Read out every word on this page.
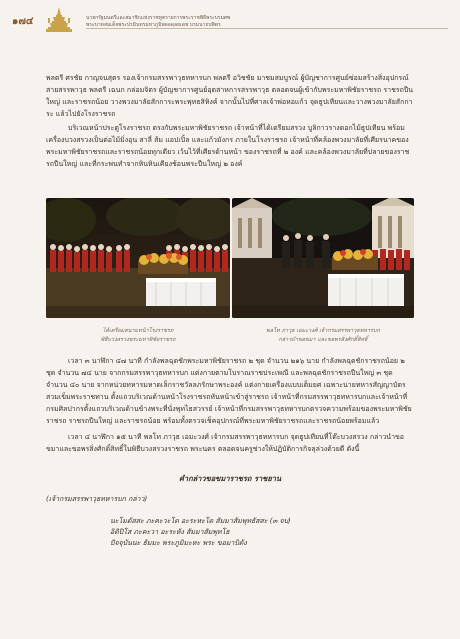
๑๗๔	นายกรัฐมนตรีและสมาชิกแห่งราชทูตรายการพระราชพิธีพระบรมศพ
พระบาทสมเด็จพระปรมินทรมหาภูมิพลอดุลยเดช บรมนาถบพิตร
พลตรี ศรชัย กาญจนสุตร รองเจ้ากรมสรรพาวุธทหารบก พลตรี อวิชชัย มาชมสมบูรณ์ ผู้บัญชาการศูนย์ซ่อมสร้างสิ่งอุปกรณ์สายสรรพาวุธ พลตรี เฉนก กล่อมจิตร ผู้บัญชาการศูนย์อุตสาหการสรรพาวุธ ตลอดจนผู้เข้ากับพระมหาพิชัยราชรถ ราชรถปืนใหญ่ และราชรถน้อย วางพวงมาลัยสักการะพระพุทธสิหิงค์ จากนั้นไปที่ศาลเจ้าพ่อหอแก้ว จุดธูปเทียนและวางพวงมาลัยสักการะ แล้วไปยังโรงราชรถ
บริเวณหน้าประตูโรงราชรถ ตรงกับพระมหาพิชัยราชรถ เจ้าหน้าที่ได้เตรียมสรวง บูลิกาวรางดอกไม้ธูปเทียน พร้อมเครื่องบวงสรวงเป็นต่อไม้มิ่งอุน สาลี่ ส้ม แอปเปิ้ล และแก้วมังกร ภายในโรงราชรถ เจ้าหน้าที่คล้องพวงมาลัยที่เศียรนาคของพระมหาพิชัยราชรถและราชรถน้อยทุกเดียว เว้นไว้ที่เศียรด้านหน้า ของราชรถที่ ๒ องค์ และคล้องพวงมาลัยที่ปลายของราชรถปืนใหญ่ และที่กระพนทำจากหินหินเคียงช้อนพระปืนใหญ่ ๒ องค์
ได้เตรียมสนามหน้าโรงราชรถ
พิธีบวงสรวงพระมหาพิชัยราชรถ
พลโท ภาวุธ เอมะวงศ์ เจ้ากรมสรรพาวุธทหารบก
กล่าวบำขอขมา และขอพรสิ่งศักดิ์สิทธิ์
เวลา ๓ นาฬิกา ๔๗ นาที กำลังพลฉุดชักพระมหาพิชัยราชรถ ๒ ชุด จำนวน ๒๑๖ นาย กำลังพลฉุดชักราชรถน้อย ๒ ชุด จำนวน ๗๔ นาย จากกรมสรรพาวุธทหารบก แต่งกายตามโบราณราชประเพณี และพลฉุดชักราชรถปืนใหญ่ ๓ ชุด จำนวน ๔๐ นาย จากหน่วยทหารมหาดเล็กราชวัลลภรักษาพระองค์ แต่งกายเครื่องแบบเต็มยศ เฉพาะนายทหารสัญญาบัตรสวมเข็มพระราชทาน ตั้งแถวบริเวณด้านหน้าโรงราชรถหันหน้าเข้าสู่ราชรถ เจ้าหน้าที่กรมสรรพาวุธทหารบกและเจ้าหน้าที่กรมศิลปากรตั้งแถวบริเวณด้านข้างพระที่นั่งพุทไธสวรรย์ เจ้าหน้าที่กรมสรรพาวุธทหารบกตรวจความพร้อมของพระมหาพิชัยราชรถ ราชรถปืนใหญ่ และราชรถน้อย พร้อมทั้งตรวจเช็คอุปกรณ์ที่พระมหาพิชัยราชรถและราชรถน้อยพร้อมแล้ว
เวลา ๔ นาฬิกา ๑๕ นาที พลโท ภาวุธ เอมะวงศ์ เจ้ากรมสรรพาวุธทหารบก จุดธูปเทียนที่โต๊ะบวงสรวง กล่าวนำขอขมาและขอพรสิ่งศักดิ์สิทธิ์ในพิธีบวงสรวงราชรถ พระนคร ตลอดจนครูช่างให้ปฏิบัติการกิจลุล่วงด้วยดี ดังนี้
คำกล่าวขอขมาราชรถ ราชยาน
(เจ้ากรมสรรพาวุธทหารบก กล่าว)
นะโมตัสสะ ภะคะวะโต อะระหะโต สัมมาสัมพุทธัสสะ (๓ จบ)
อิติปิโส ภะคะวา อะระหัง สัมมาสัมพุทโธ
ปัจจุบันนะ ธัมมะ พระภูมิมะหะ พระ ขอมาบิตัง
